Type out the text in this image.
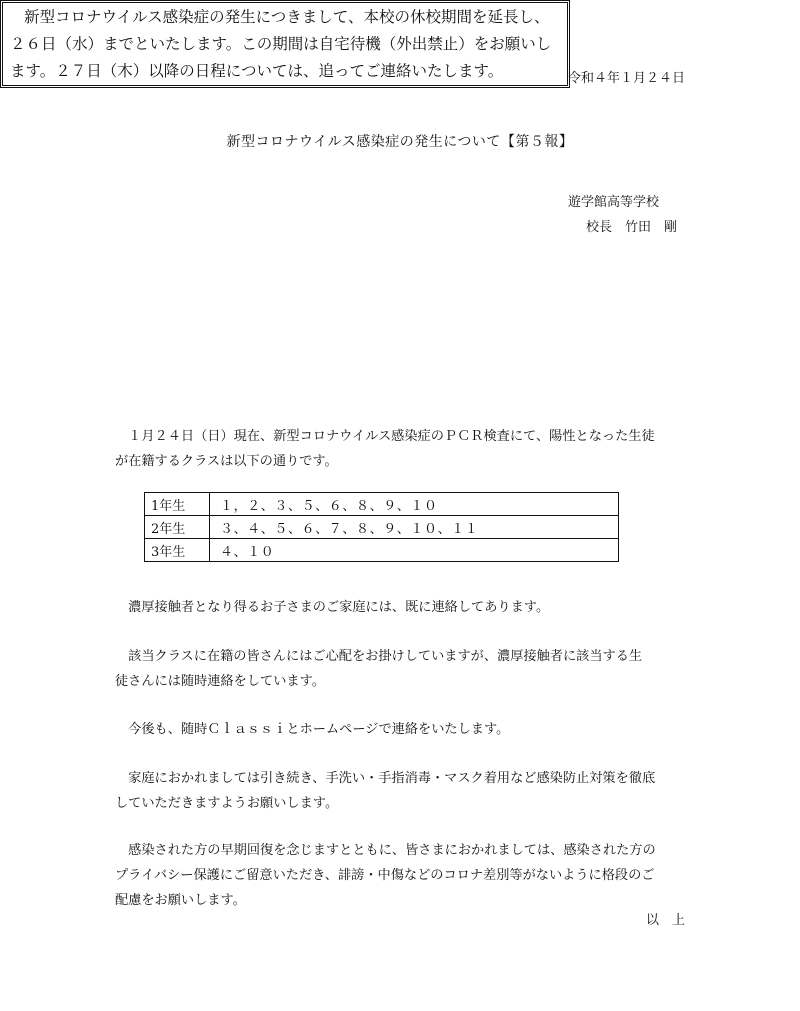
令和４年１月２４日
新型コロナウイルス感染症の発生について【第５報】
遊学館高等学校
校長　竹田　剛
新型コロナウイルス感染症の発生につきまして、本校の休校期間を延長し、
２６日（水）までといたします。この期間は自宅待機（外出禁止）をお願いし
ます。２７日（木）以降の日程については、追ってご連絡いたします。
　１月２４日（日）現在、新型コロナウイルス感染症のＰＣＲ検査にて、陽性となった生徒
が在籍するクラスは以下の通りです。
1年生	１，２、３、５、６、８、９、１０
2年生	３、４、５、６、７、８、９、１０、１１
3年生	４、１０
　濃厚接触者となり得るお子さまのご家庭には、既に連絡してあります。
　該当クラスに在籍の皆さんにはご心配をお掛けしていますが、濃厚接触者に該当する生
徒さんには随時連絡をしています。
　今後も、随時Ｃｌａｓｓｉとホームページで連絡をいたします。
　家庭におかれましては引き続き、手洗い・手指消毒・マスク着用など感染防止対策を徹底
していただきますようお願いします。
　感染された方の早期回復を念じますとともに、皆さまにおかれましては、感染された方の
プライバシー保護にご留意いただき、誹謗・中傷などのコロナ差別等がないように格段のご
配慮をお願いします。
以　上
